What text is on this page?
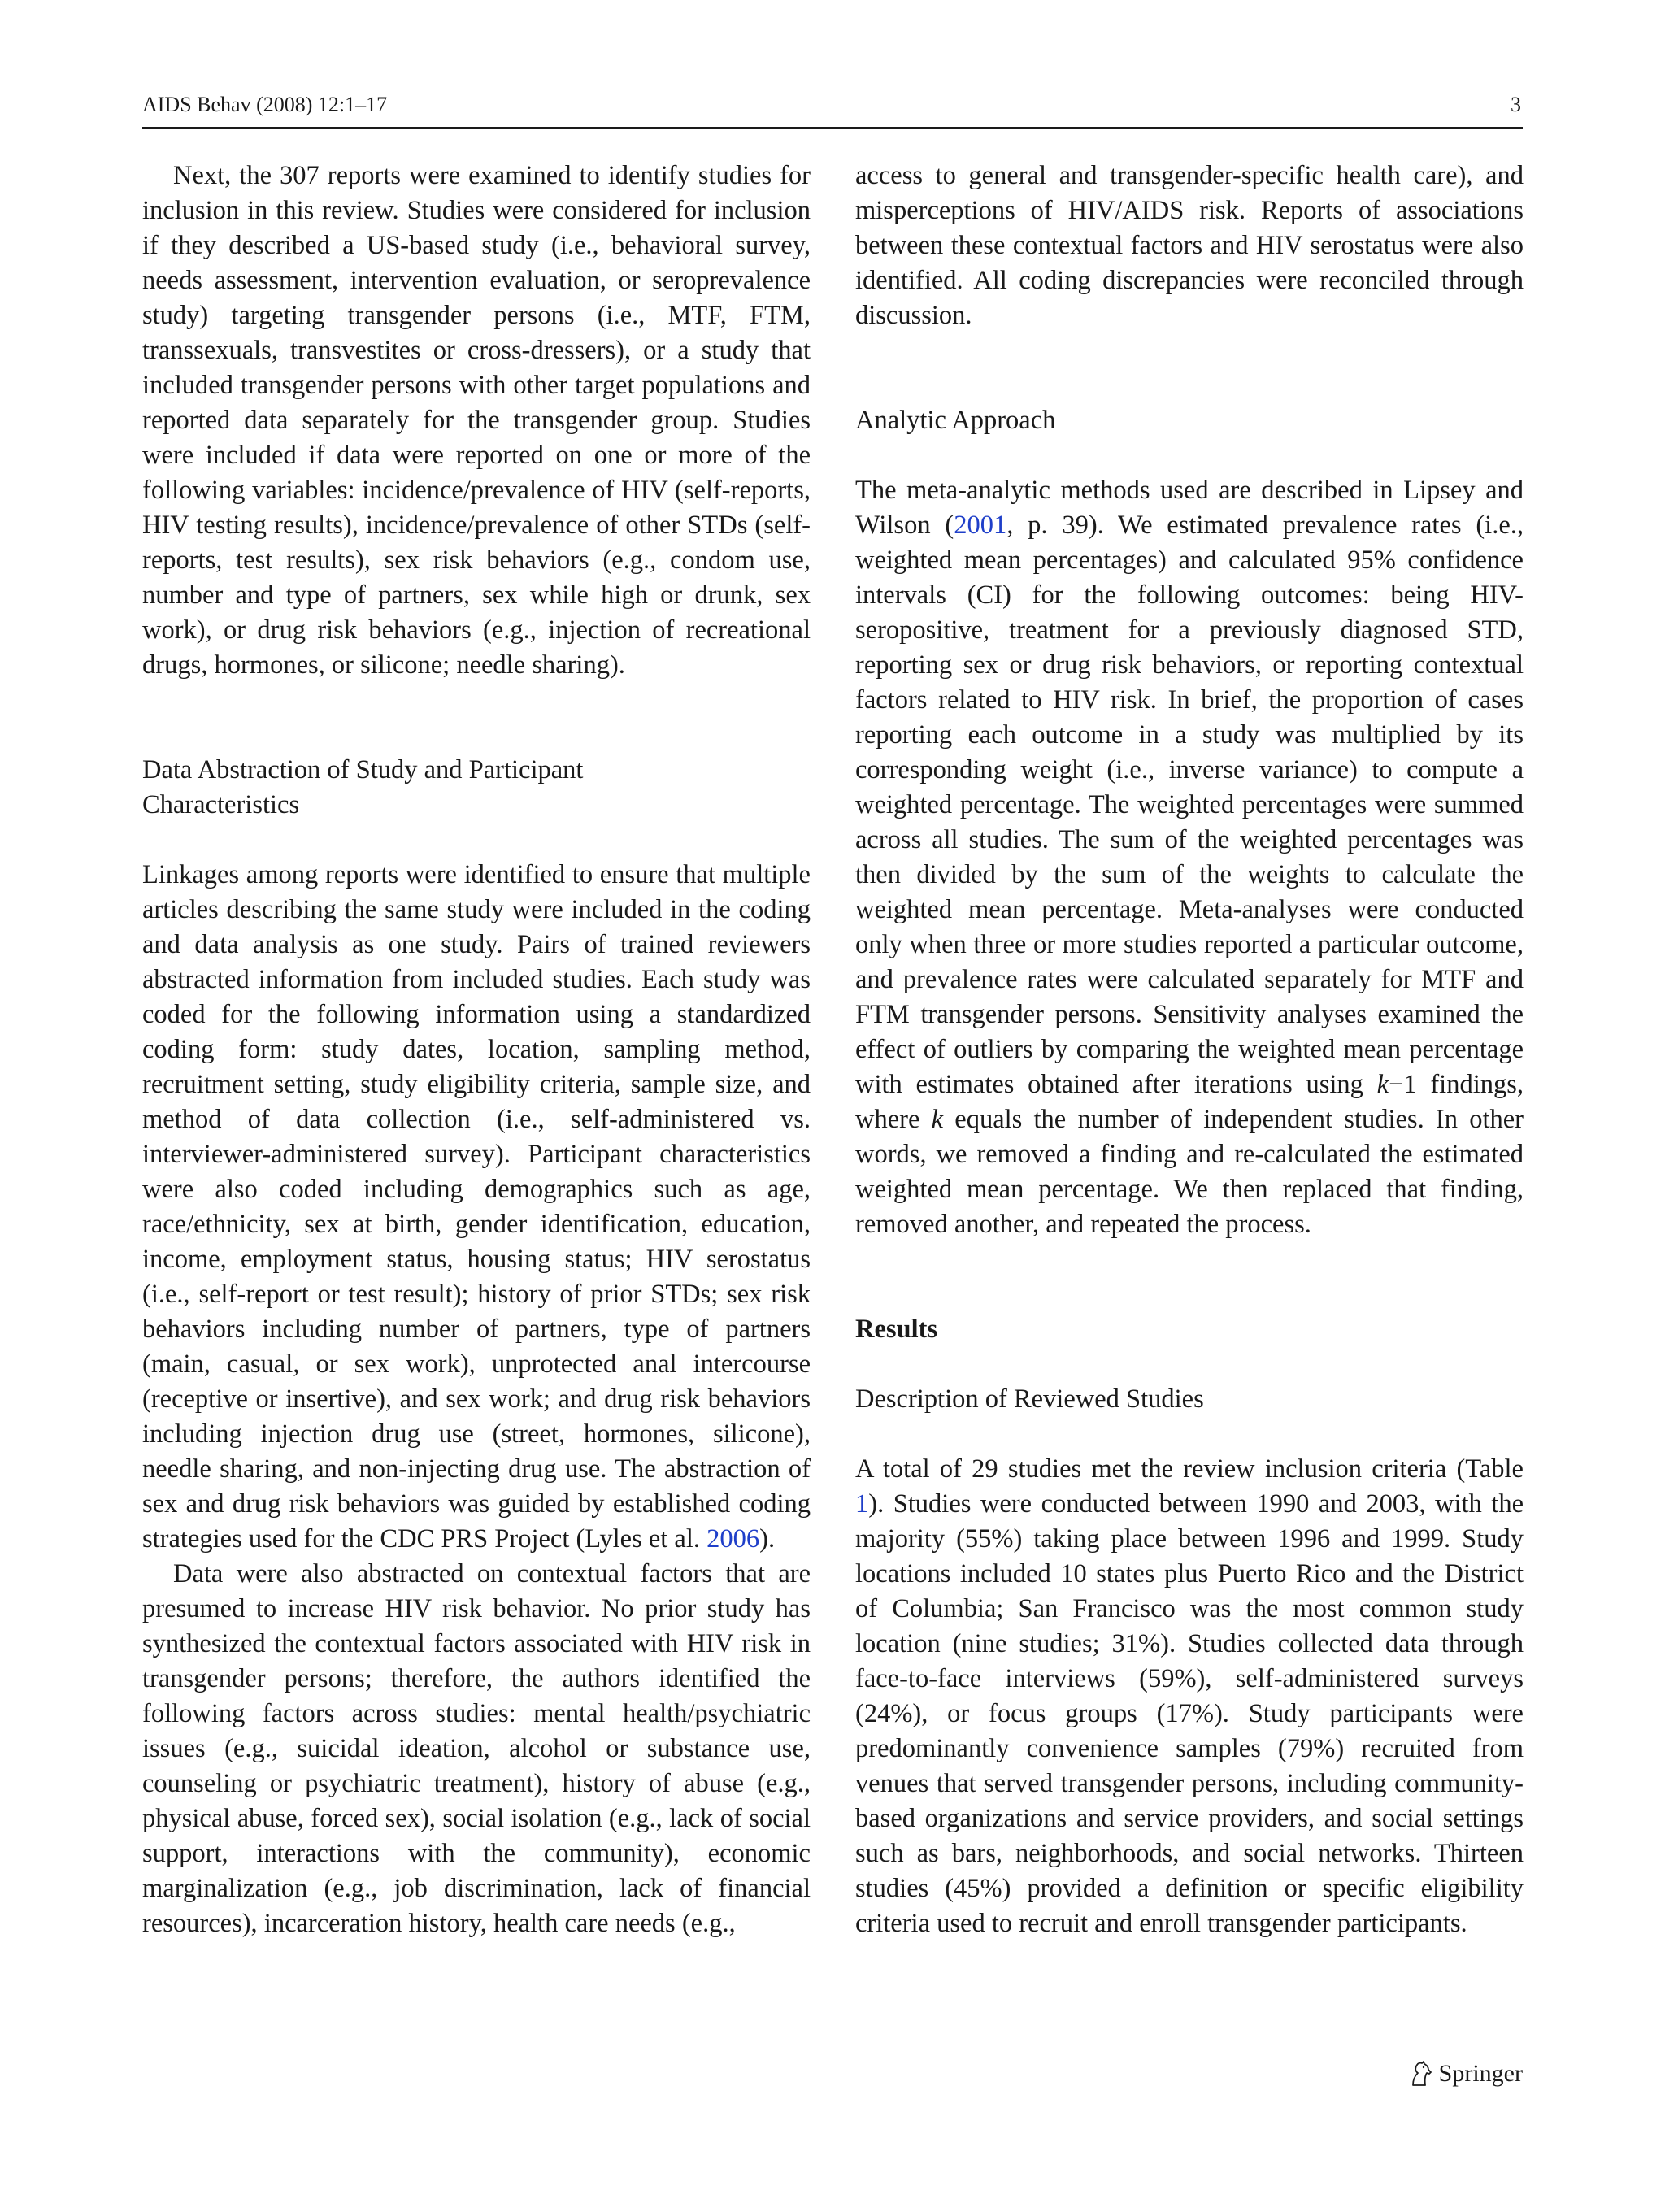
AIDS Behav (2008) 12:1–17	3

Next, the 307 reports were examined to identify studies for inclusion in this review. Studies were considered for inclusion if they described a US-based study (i.e., behavioral survey, needs assessment, intervention evaluation, or seroprevalence study) targeting transgender persons (i.e., MTF, FTM, transsexuals, transvestites or cross-dressers), or a study that included transgender persons with other target populations and reported data separately for the transgender group. Studies were included if data were reported on one or more of the following variables: incidence/prevalence of HIV (self-reports, HIV testing results), incidence/prevalence of other STDs (self-reports, test results), sex risk behaviors (e.g., condom use, number and type of partners, sex while high or drunk, sex work), or drug risk behaviors (e.g., injection of recreational drugs, hormones, or silicone; needle sharing).

Data Abstraction of Study and Participant
Characteristics

Linkages among reports were identified to ensure that multiple articles describing the same study were included in the coding and data analysis as one study. Pairs of trained reviewers abstracted information from included studies. Each study was coded for the following information using a standardized coding form: study dates, location, sampling method, recruitment setting, study eligibility criteria, sample size, and method of data collection (i.e., self-administered vs. interviewer-administered survey). Participant characteristics were also coded including demographics such as age, race/ethnicity, sex at birth, gender identification, education, income, employment status, housing status; HIV serostatus (i.e., self-report or test result); history of prior STDs; sex risk behaviors including number of partners, type of partners (main, casual, or sex work), unprotected anal intercourse (receptive or insertive), and sex work; and drug risk behaviors including injection drug use (street, hormones, silicone), needle sharing, and non-injecting drug use. The abstraction of sex and drug risk behaviors was guided by established coding strategies used for the CDC PRS Project (Lyles et al. 2006).

Data were also abstracted on contextual factors that are presumed to increase HIV risk behavior. No prior study has synthesized the contextual factors associated with HIV risk in transgender persons; therefore, the authors identified the following factors across studies: mental health/psychiatric issues (e.g., suicidal ideation, alcohol or substance use, counseling or psychiatric treatment), history of abuse (e.g., physical abuse, forced sex), social isolation (e.g., lack of social support, interactions with the community), economic marginalization (e.g., job discrimination, lack of financial resources), incarceration history, health care needs (e.g.,

access to general and transgender-specific health care), and misperceptions of HIV/AIDS risk. Reports of associations between these contextual factors and HIV serostatus were also identified. All coding discrepancies were reconciled through discussion.

Analytic Approach

The meta-analytic methods used are described in Lipsey and Wilson (2001, p. 39). We estimated prevalence rates (i.e., weighted mean percentages) and calculated 95% confidence intervals (CI) for the following outcomes: being HIV-seropositive, treatment for a previously diagnosed STD, reporting sex or drug risk behaviors, or reporting contextual factors related to HIV risk. In brief, the proportion of cases reporting each outcome in a study was multiplied by its corresponding weight (i.e., inverse variance) to compute a weighted percentage. The weighted percentages were summed across all studies. The sum of the weighted percentages was then divided by the sum of the weights to calculate the weighted mean percentage. Meta-analyses were conducted only when three or more studies reported a particular outcome, and prevalence rates were calculated separately for MTF and FTM transgender persons. Sensitivity analyses examined the effect of outliers by comparing the weighted mean percentage with estimates obtained after iterations using k−1 findings, where k equals the number of independent studies. In other words, we removed a finding and re-calculated the estimated weighted mean percentage. We then replaced that finding, removed another, and repeated the process.

Results
Description of Reviewed Studies

A total of 29 studies met the review inclusion criteria (Table 1). Studies were conducted between 1990 and 2003, with the majority (55%) taking place between 1996 and 1999. Study locations included 10 states plus Puerto Rico and the District of Columbia; San Francisco was the most common study location (nine studies; 31%). Studies collected data through face-to-face interviews (59%), self-administered surveys (24%), or focus groups (17%). Study participants were predominantly convenience samples (79%) recruited from venues that served transgender persons, including community-based organizations and service providers, and social settings such as bars, neighborhoods, and social networks. Thirteen studies (45%) provided a definition or specific eligibility criteria used to recruit and enroll transgender participants.

Springer
